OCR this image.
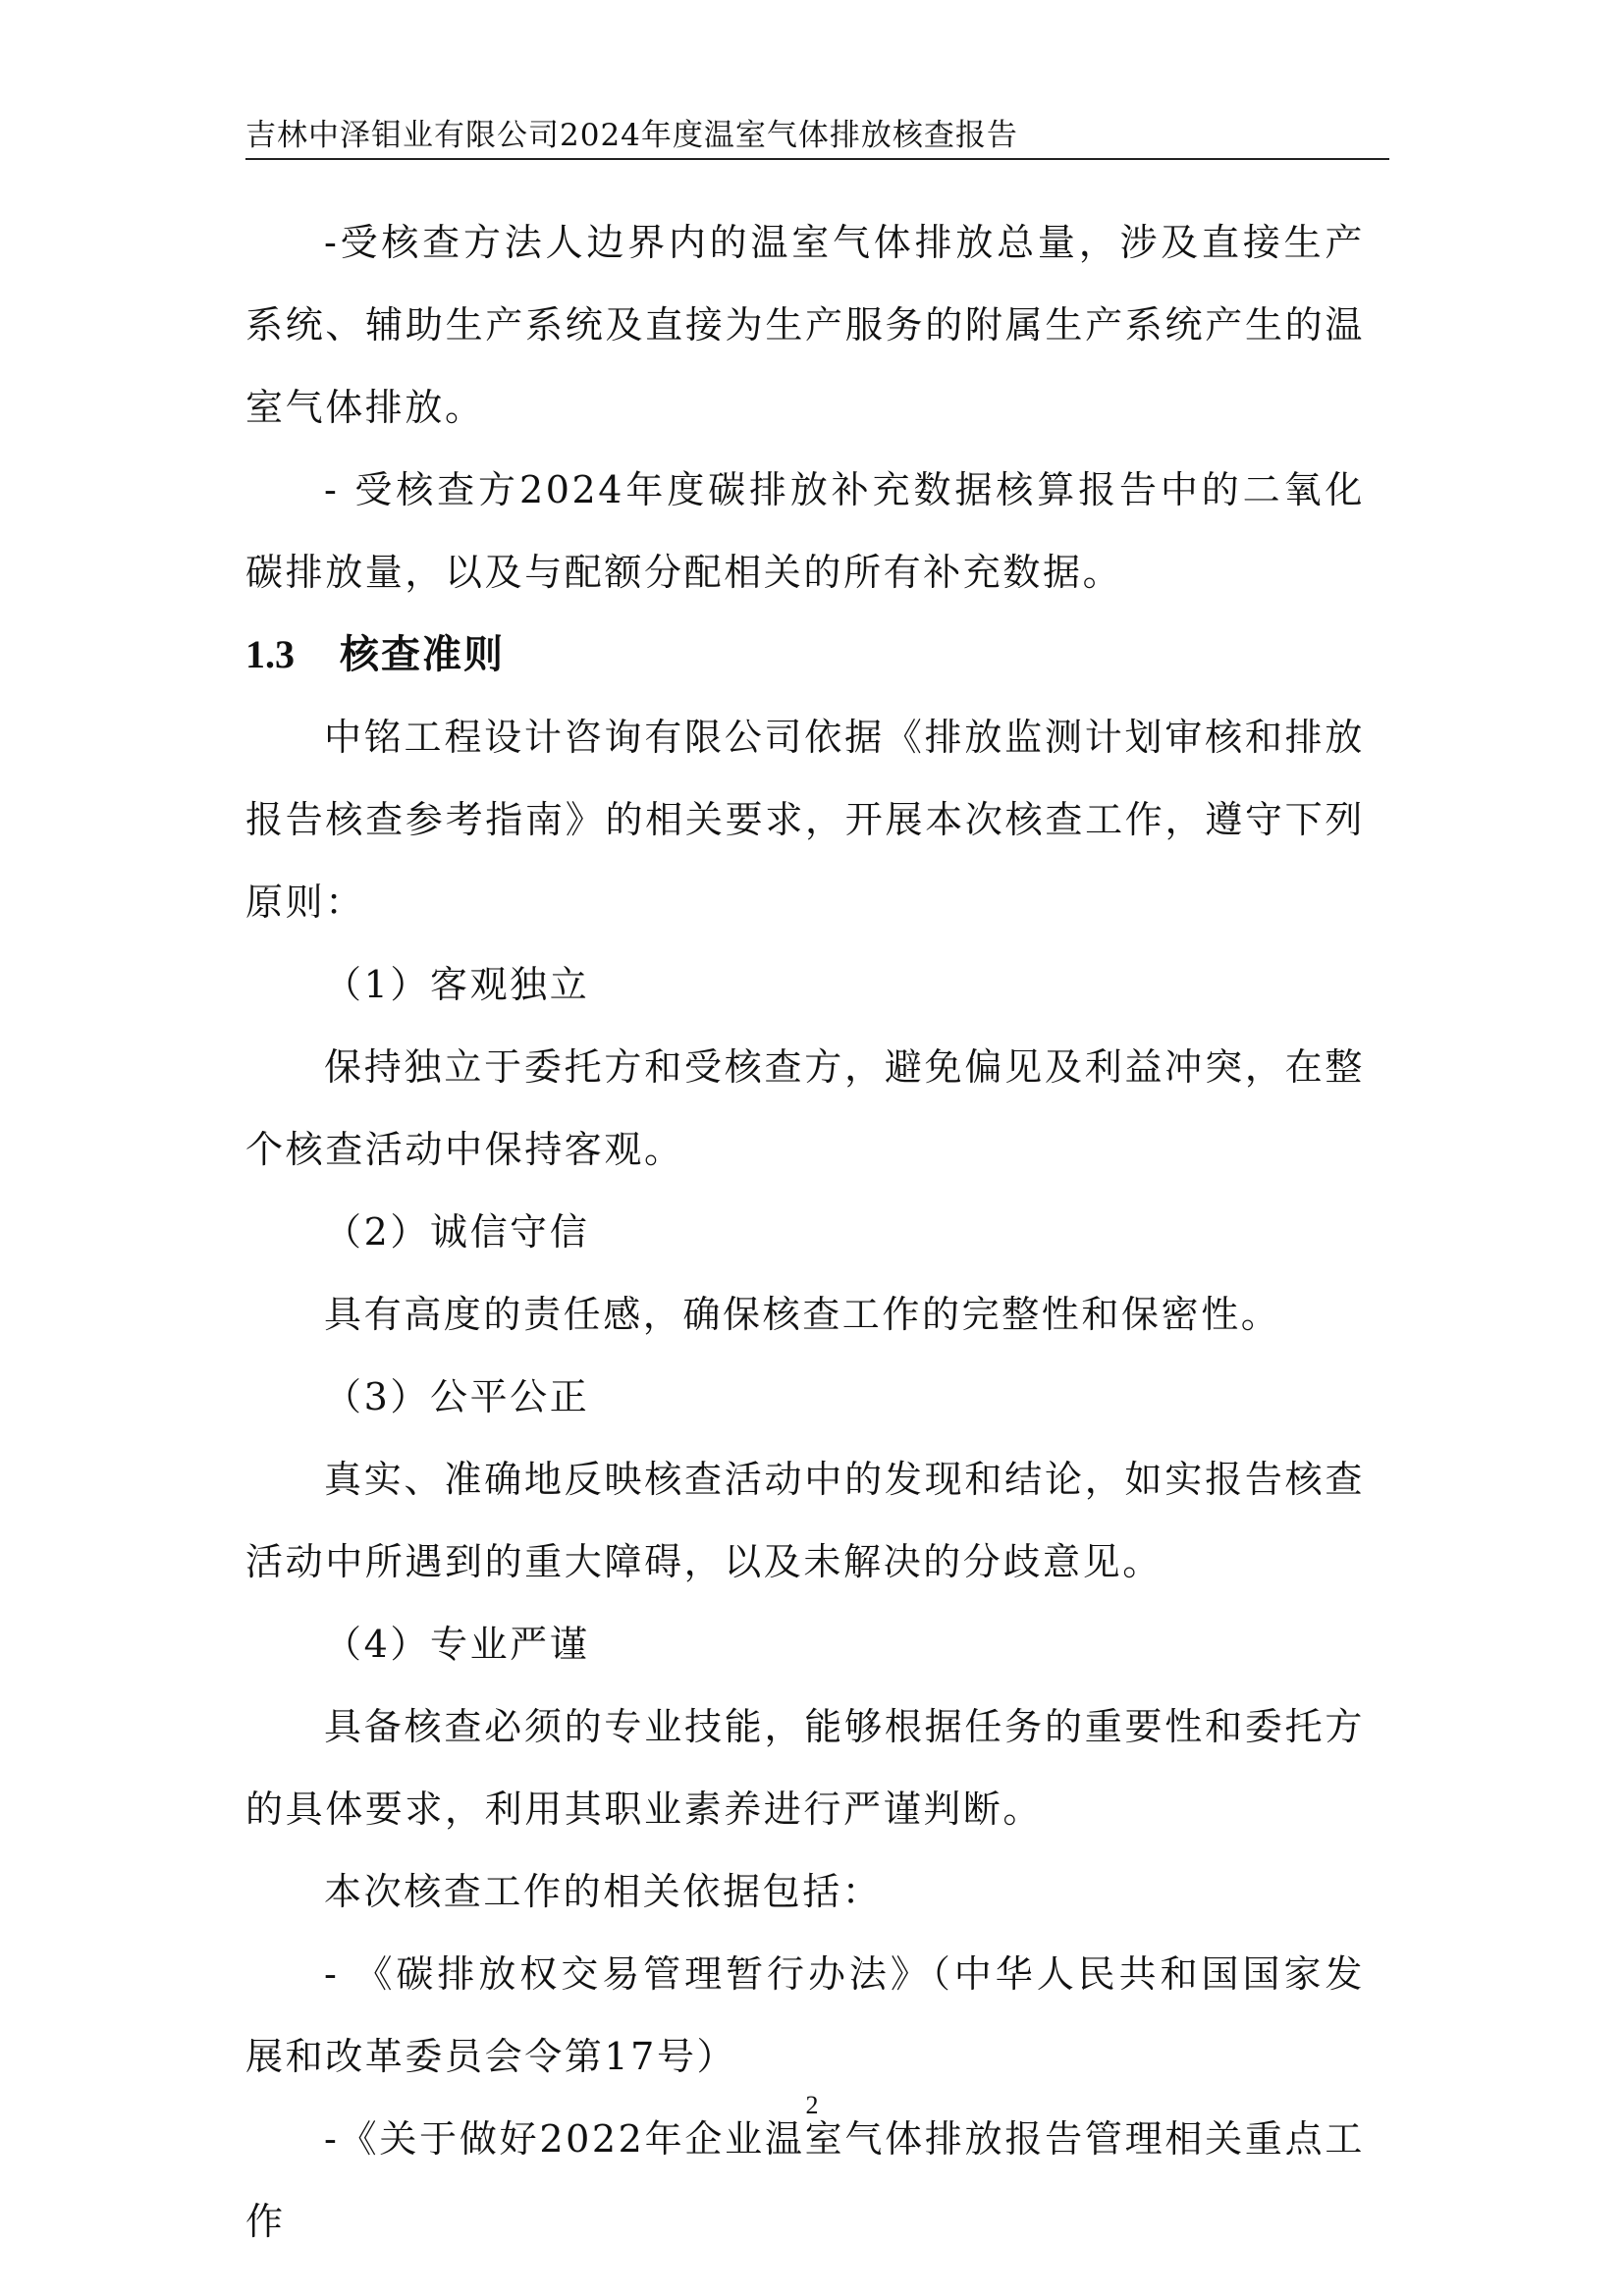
吉林中泽钼业有限公司2024年度温室气体排放核查报告

-受核查方法人边界内的温室气体排放总量，涉及直接生产系统、辅助生产系统及直接为生产服务的附属生产系统产生的温室气体排放。

- 受核查方2024年度碳排放补充数据核算报告中的二氧化碳排放量，以及与配额分配相关的所有补充数据。

1.3 核查准则

中铭工程设计咨询有限公司依据《排放监测计划审核和排放报告核查参考指南》的相关要求，开展本次核查工作，遵守下列原则：

（1）客观独立

保持独立于委托方和受核查方，避免偏见及利益冲突，在整个核查活动中保持客观。

（2）诚信守信

具有高度的责任感，确保核查工作的完整性和保密性。

（3）公平公正

真实、准确地反映核查活动中的发现和结论，如实报告核查活动中所遇到的重大障碍，以及未解决的分歧意见。

（4）专业严谨

具备核查必须的专业技能，能够根据任务的重要性和委托方的具体要求，利用其职业素养进行严谨判断。

本次核查工作的相关依据包括：

- 《碳排放权交易管理暂行办法》（中华人民共和国国家发展和改革委员会令第17号）

-《关于做好2022年企业温室气体排放报告管理相关重点工作

2
